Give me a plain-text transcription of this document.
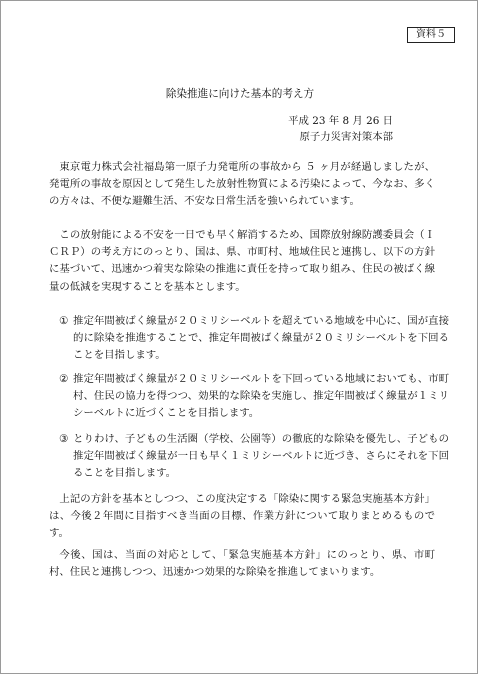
資料５
除染推進に向けた基本的考え方
平成 23 年 8 月 26 日
原子力災害対策本部

東京電力株式会社福島第一原子力発電所の事故から ５ ヶ月が経過しましたが、発電所の事故を原因として発生した放射性物質による汚染によって、今なお、多くの方々は、不便な避難生活、不安な日常生活を強いられています。

この放射能による不安を一日でも早く解消するため、国際放射線防護委員会（ＩＣＲＰ）の考え方にのっとり、国は、県、市町村、地域住民と連携し、以下の方針に基づいて、迅速かつ着実な除染の推進に責任を持って取り組み、住民の被ばく線量の低減を実現することを基本とします。

① 推定年間被ばく線量が２０ミリシーベルトを超えている地域を中心に、国が直接的に除染を推進することで、推定年間被ばく線量が２０ミリシーベルトを下回ることを目指します。

② 推定年間被ばく線量が２０ミリシーベルトを下回っている地域においても、市町村、住民の協力を得つつ、効果的な除染を実施し、推定年間被ばく線量が１ミリシーベルトに近づくことを目指します。

③ とりわけ、子どもの生活圏（学校、公園等）の徹底的な除染を優先し、子どもの推定年間被ばく線量が一日も早く１ミリシーベルトに近づき、さらにそれを下回ることを目指します。

上記の方針を基本としつつ、この度決定する「除染に関する緊急実施基本方針」は、今後２年間に目指すべき当面の目標、作業方針について取りまとめるものです。

今後、国は、当面の対応として、「緊急実施基本方針」にのっとり、県、市町村、住民と連携しつつ、迅速かつ効果的な除染を推進してまいります。
